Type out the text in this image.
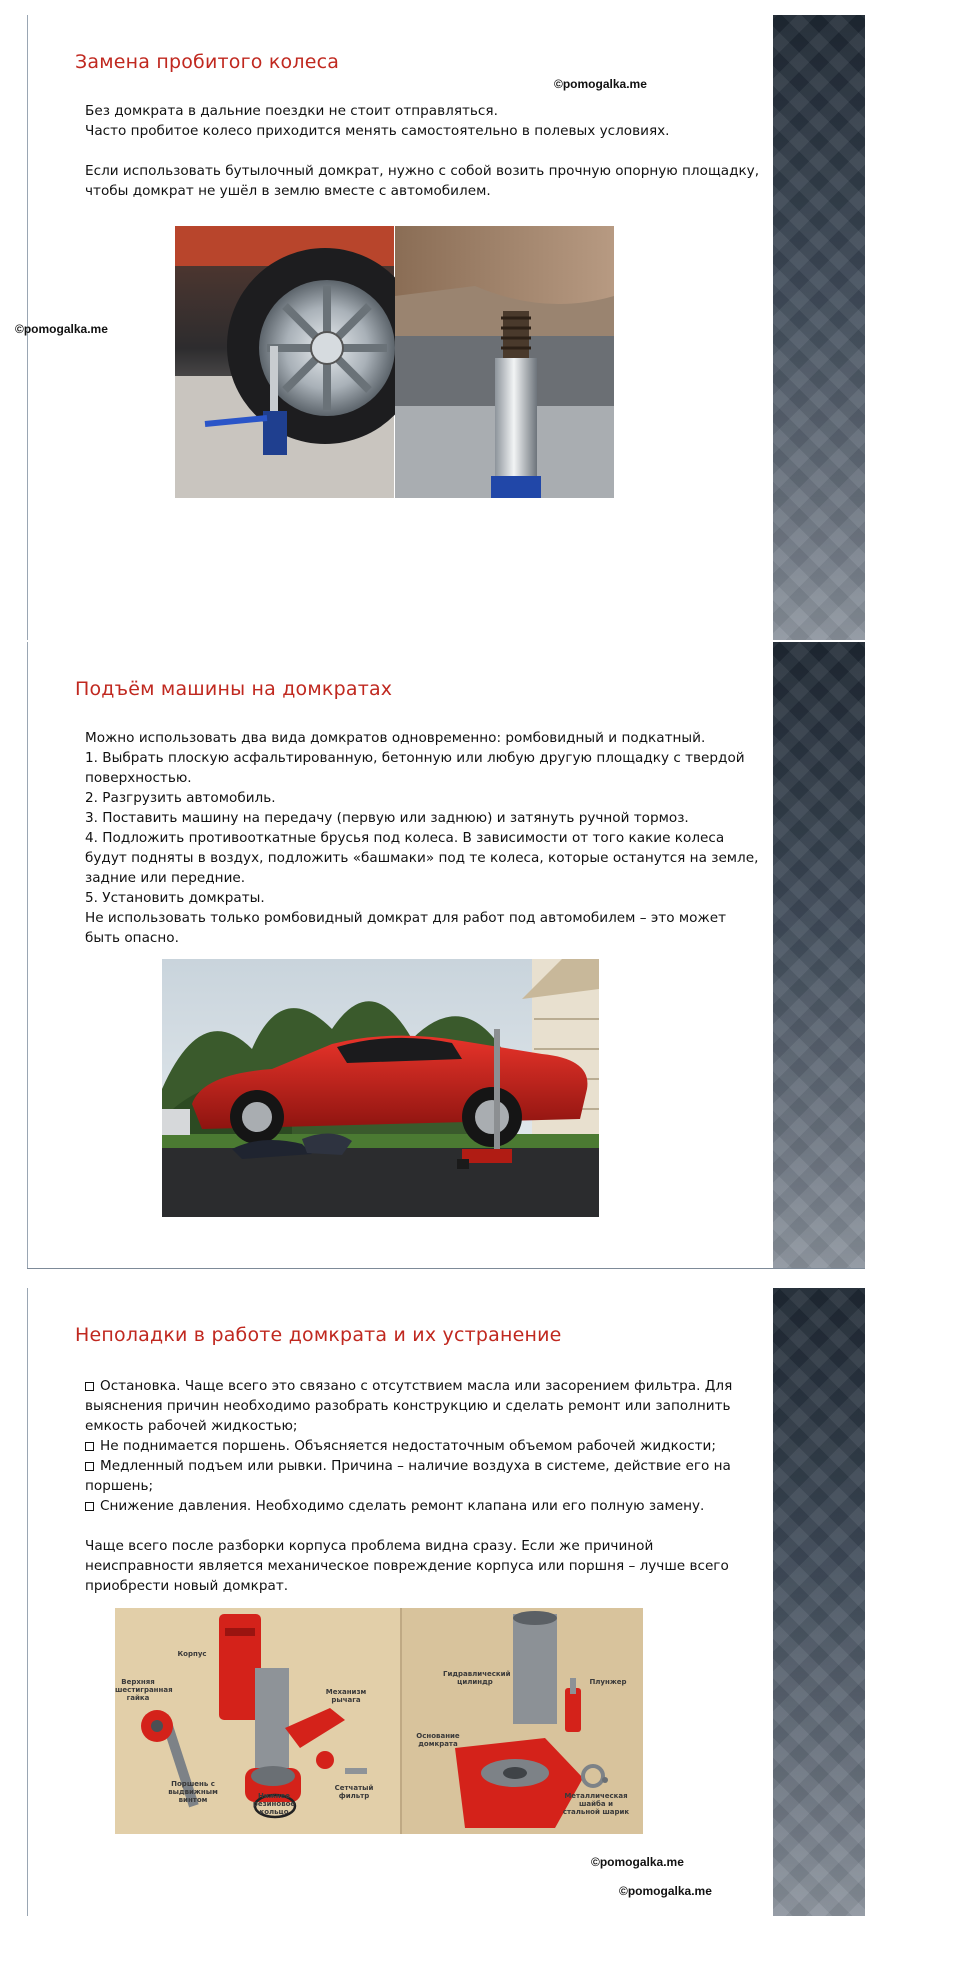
Замена пробитого колеса
©pomogalka.me

Без домкрата в дальние поездки не стоит отправляться.

Часто пробитое колесо приходится менять самостоятельно в полевых условиях.

Если использовать бутылочный домкрат, нужно с собой возить прочную опорную площадку, чтобы домкрат не ушёл в землю вместе с автомобилем.

©pomogalka.me
Подъём машины на домкратах

Можно использовать два вида домкратов одновременно: ромбовидный и подкатный.

1. Выбрать плоскую асфальтированную, бетонную или любую другую площадку с твердой поверхностью.

2. Разгрузить автомобиль.

3. Поставить машину на передачу (первую или заднюю) и затянуть ручной тормоз.

4. Подложить противооткатные брусья под колеса. В зависимости от того какие колеса будут подняты в воздух, подложить «башмаки» под те колеса, которые останутся на земле, задние или передние.

5. Установить домкраты.

Не использовать только ромбовидный домкрат для работ под автомобилем – это может быть опасно.

Неполадки в работе домкрата и их устранение

Остановка. Чаще всего это связано с отсутствием масла или засорением фильтра. Для выяснения причин необходимо разобрать конструкцию и сделать ремонт или заполнить емкость рабочей жидкостью;

Не поднимается поршень. Объясняется недостаточным объемом рабочей жидкости;

Медленный подъем или рывки. Причина – наличие воздуха в системе, действие его на поршень;

Снижение давления. Необходимо сделать ремонт клапана или его полную замену.

Чаще всего после разборки корпуса проблема видна сразу. Если же причиной неисправности является механическое повреждение корпуса или поршня – лучше всего приобрести новый домкрат.

Корпус
Верхняя шестигранная гайка
Механизм рычага
Поршень с выдвижным винтом
Сетчатый фильтр
Нижнее резиновое кольцо
Гидравлический цилиндр	Плунжер
Основание домкрата
Металлическая шайба и стальной шарик
©pomogalka.me
©pomogalka.me
